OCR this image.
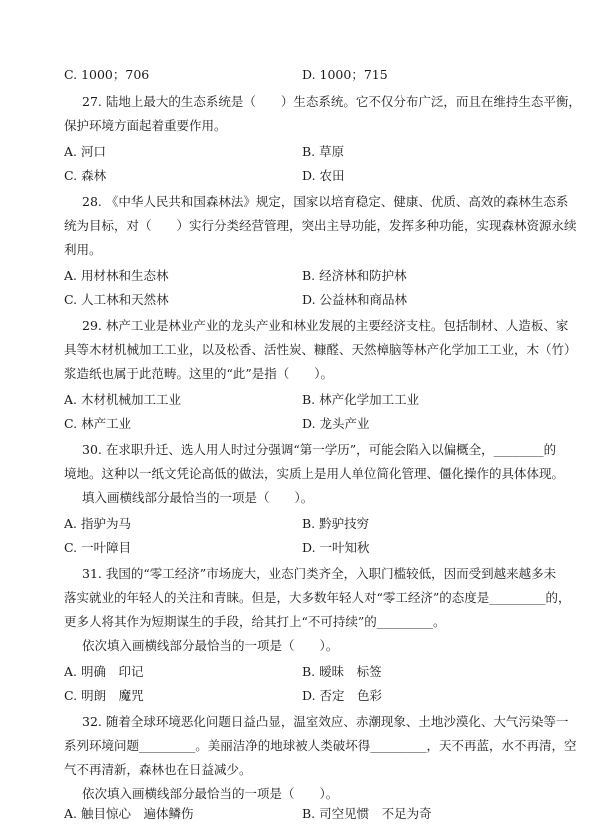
C. 1000；706	D. 1000；715
27. 陆地上最大的生态系统是（　　）生态系统。它不仅分布广泛，而且在维持生态平衡，
保护环境方面起着重要作用。
A. 河口	B. 草原
C. 森林	D. 农田
28. 《中华人民共和国森林法》规定，国家以培育稳定、健康、优质、高效的森林生态系
统为目标，对（　　）实行分类经营管理，突出主导功能，发挥多种功能，实现森林资源永续
利用。
A. 用材林和生态林	B. 经济林和防护林
C. 人工林和天然林	D. 公益林和商品林
29. 林产工业是林业产业的龙头产业和林业发展的主要经济支柱。包括制材、人造板、家
具等木材机械加工工业，以及松香、活性炭、糠醛、天然樟脑等林产化学加工工业，木（竹）
浆造纸也属于此范畴。这里的“此”是指（　　）。
A. 木材机械加工工业	B. 林产化学加工工业
C. 林产工业	D. 龙头产业
30. 在求职升迁、选人用人时过分强调“第一学历”，可能会陷入以偏概全，________的
境地。这种以一纸文凭论高低的做法，实质上是用人单位简化管理、僵化操作的具体体现。
填入画横线部分最恰当的一项是（　　）。
A. 指驴为马	B. 黔驴技穷
C. 一叶障目	D. 一叶知秋
31. 我国的“零工经济”市场庞大，业态门类齐全，入职门槛较低，因而受到越来越多未
落实就业的年轻人的关注和青睐。但是，大多数年轻人对“零工经济”的态度是_________的，
更多人将其作为短期谋生的手段，给其打上“不可持续”的_________。
依次填入画横线部分最恰当的一项是（　　）。
A. 明确　印记	B. 暧昧　标签
C. 明朗　魔咒	D. 否定　色彩
32. 随着全球环境恶化问题日益凸显，温室效应、赤潮现象、土地沙漠化、大气污染等一
系列环境问题_________。美丽洁净的地球被人类破坏得_________，天不再蓝，水不再清，空
气不再清新，森林也在日益减少。
依次填入画横线部分最恰当的一项是（　　）。
A. 触目惊心　遍体鳞伤	B. 司空见惯　不足为奇
